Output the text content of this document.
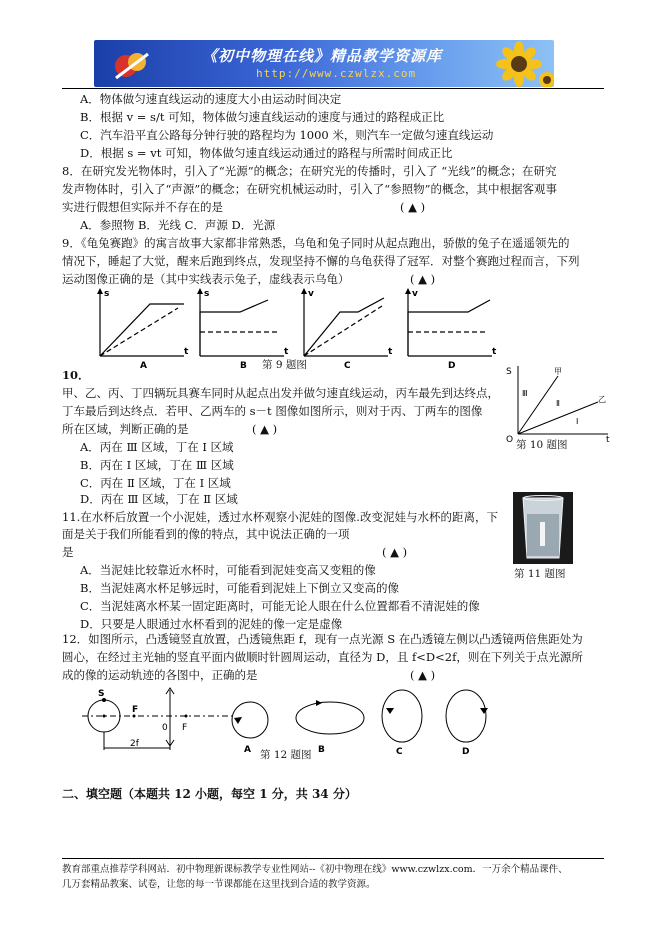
《初中物理在线》精品教学资源库
http://www.czwlzx.com
A．物体做匀速直线运动的速度大小由运动时间决定
B．根据 v = s/t 可知，物体做匀速直线运动的速度与通过的路程成正比
C．汽车沿平直公路每分钟行驶的路程均为 1000 米，则汽车一定做匀速直线运动
D．根据 s = vt 可知，物体做匀速直线运动通过的路程与所需时间成正比
8．在研究发光物体时，引入了“光源”的概念；在研究光的传播时，引入了 “光线”的概念；在研究
发声物体时，引入了“声源”的概念；在研究机械运动时，引入了“参照物”的概念，其中根据客观事
实进行假想但实际并不存在的是	( ▲ )
A．参照物 B．光线 C．声源 D．光源
9．《龟兔赛跑》的寓言故事大家都非常熟悉，乌龟和兔子同时从起点跑出，骄傲的兔子在遥遥领先的
情况下，睡起了大觉，醒来后跑到终点，发现坚持不懈的乌龟获得了冠军．对整个赛跑过程而言，下列
运动图像正确的是（其中实线表示兔子，虚线表示乌龟）	( ▲ )
t	t	t	t
s	s	v	v
A	B	C	D
第 9 题图
10．
甲、乙、丙、丁四辆玩具赛车同时从起点出发并做匀速直线运动，丙车最先到达终点，
丁车最后到达终点．若甲、乙两车的 s－t 图像如图所示，则对于丙、丁两车的图像
所在区域，判断正确的是	( ▲ )
A．丙在 Ⅲ 区域，丁在 Ⅰ 区域
B．丙在 Ⅰ 区域，丁在 Ⅲ 区域
C．丙在 Ⅱ 区域，丁在 Ⅰ 区域
D．丙在 Ⅲ 区域，丁在 Ⅱ 区域
S
t
O
甲
乙
Ⅲ
Ⅱ
Ⅰ
第 10 题图
11.在水杯后放置一个小泥娃，透过水杯观察小泥娃的图像.改变泥娃与水杯的距离，下
面是关于我们所能看到的像的特点，其中说法正确的一项
是	( ▲ )
A．当泥娃比较靠近水杯时，可能看到泥娃变高又变粗的像
B．当泥娃离水杯足够远时，可能看到泥娃上下倒立又变高的像
C．当泥娃离水杯某一固定距离时，可能无论人眼在什么位置都看不清泥娃的像
D．只要是人眼通过水杯看到的泥娃的像一定是虚像
第 11 题图
12．如图所示，凸透镜竖直放置，凸透镜焦距 f，现有一点光源 S 在凸透镜左侧以凸透镜两倍焦距处为
圆心，在经过主光轴的竖直平面内做顺时针圆周运动，直径为 D，且 f<D<2f，则在下列关于点光源所
成的像的运动轨迹的各图中，正确的是	( ▲ )
S
F
0 F
2f
A	B	C	D
第 12 题图
二、填空题（本题共 12 小题，每空 1 分，共 34 分）
教育部重点推荐学科网站．初中物理新课标教学专业性网站--《初中物理在线》www.czwlzx.com．一万余个精品课件、
几万套精品教案、试卷，让您的每一节课都能在这里找到合适的教学资源。
